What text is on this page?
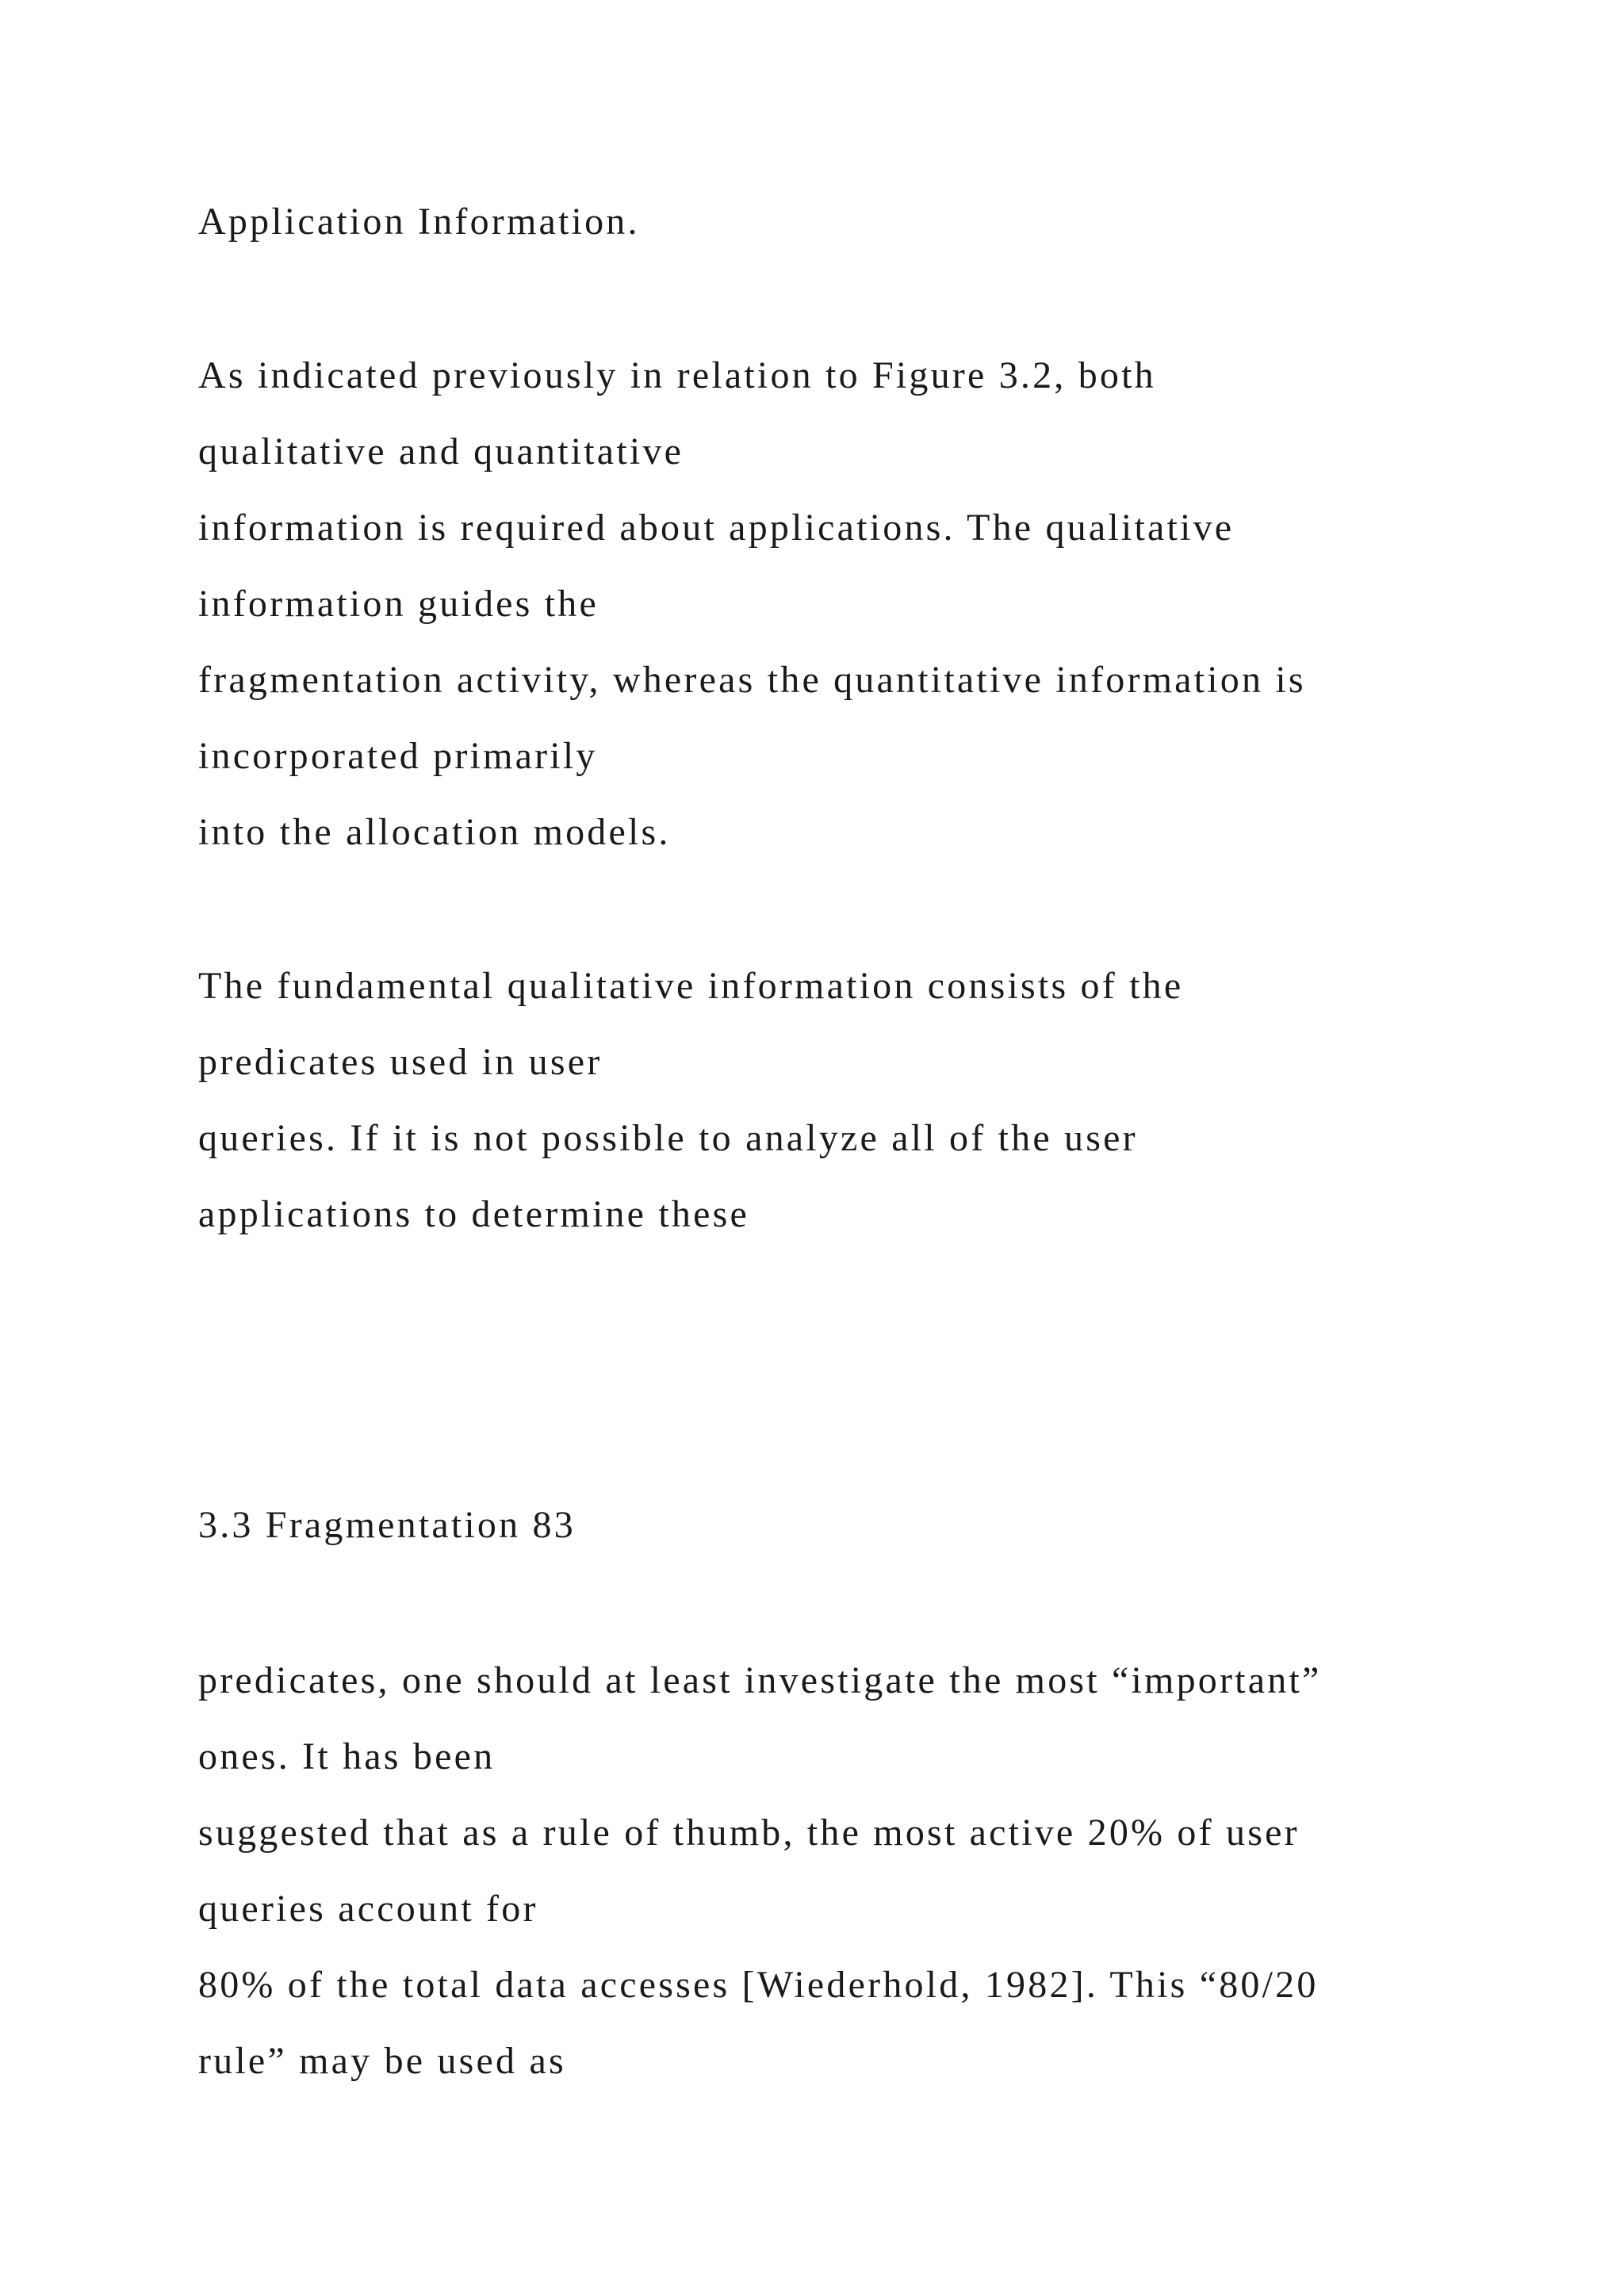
Application Information.

As indicated previously in relation to Figure 3.2, both

qualitative and quantitative

information is required about applications. The qualitative

information guides the

fragmentation activity, whereas the quantitative information is

incorporated primarily

into the allocation models.

The fundamental qualitative information consists of the

predicates used in user

queries. If it is not possible to analyze all of the user

applications to determine these

3.3 Fragmentation 83

predicates, one should at least investigate the most “important”

ones. It has been

suggested that as a rule of thumb, the most active 20% of user

queries account for

80% of the total data accesses [Wiederhold, 1982]. This “80/20

rule” may be used as
